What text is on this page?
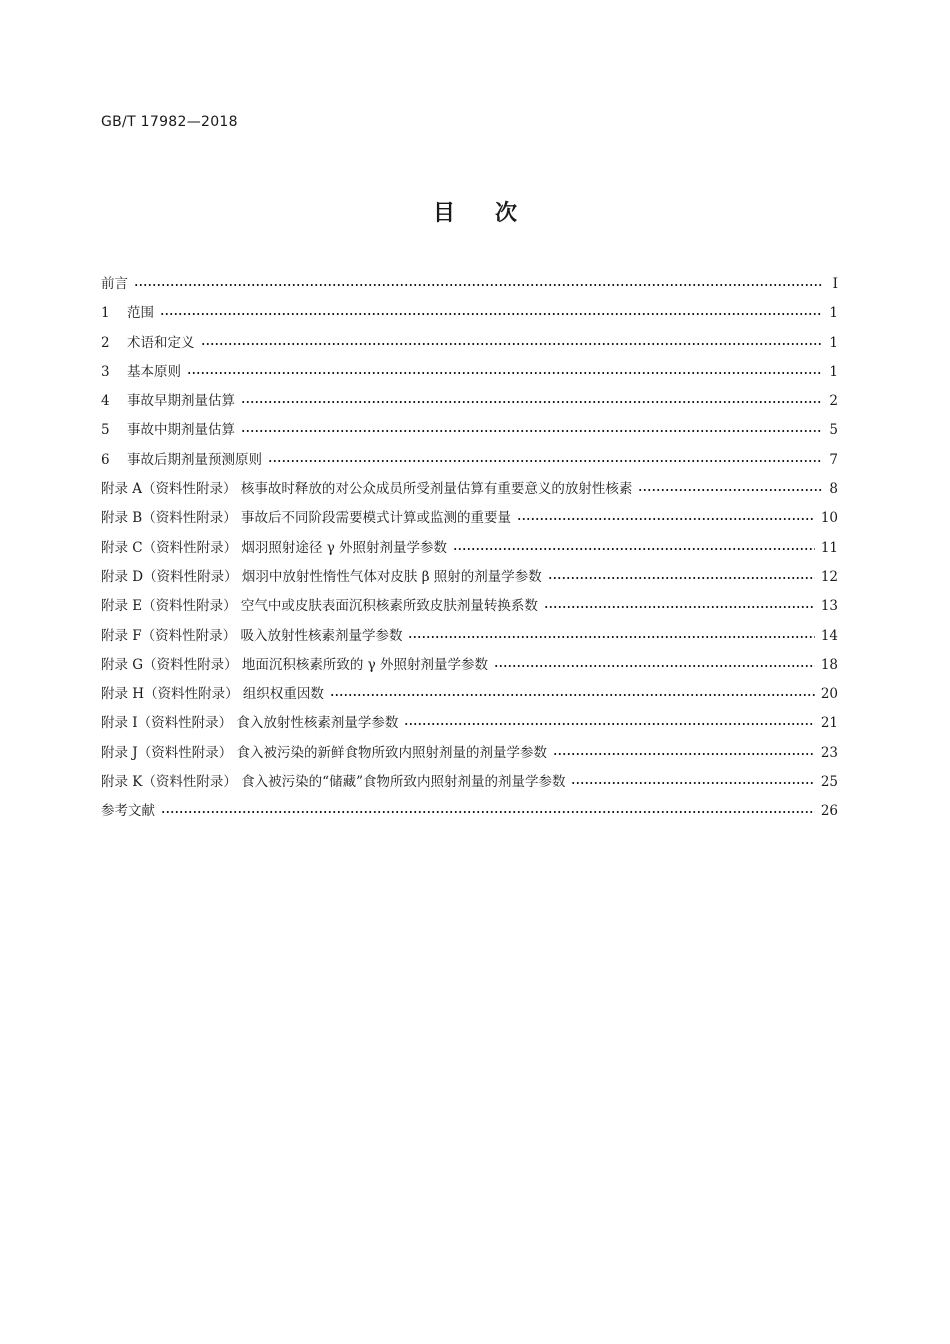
GB/T 17982—2018
目次
前言	Ⅰ
1 范围	1
2 术语和定义	1
3 基本原则	1
4 事故早期剂量估算	2
5 事故中期剂量估算	5
6 事故后期剂量预测原则	7
附录 A（资料性附录） 核事故时释放的对公众成员所受剂量估算有重要意义的放射性核素	8
附录 B（资料性附录） 事故后不同阶段需要模式计算或监测的重要量	10
附录 C（资料性附录） 烟羽照射途径 γ 外照射剂量学参数	11
附录 D（资料性附录） 烟羽中放射性惰性气体对皮肤 β 照射的剂量学参数	12
附录 E（资料性附录） 空气中或皮肤表面沉积核素所致皮肤剂量转换系数	13
附录 F（资料性附录） 吸入放射性核素剂量学参数	14
附录 G（资料性附录） 地面沉积核素所致的 γ 外照射剂量学参数	18
附录 H（资料性附录） 组织权重因数	20
附录 I（资料性附录） 食入放射性核素剂量学参数	21
附录 J（资料性附录） 食入被污染的新鲜食物所致内照射剂量的剂量学参数	23
附录 K（资料性附录） 食入被污染的“储藏”食物所致内照射剂量的剂量学参数	25
参考文献	26
